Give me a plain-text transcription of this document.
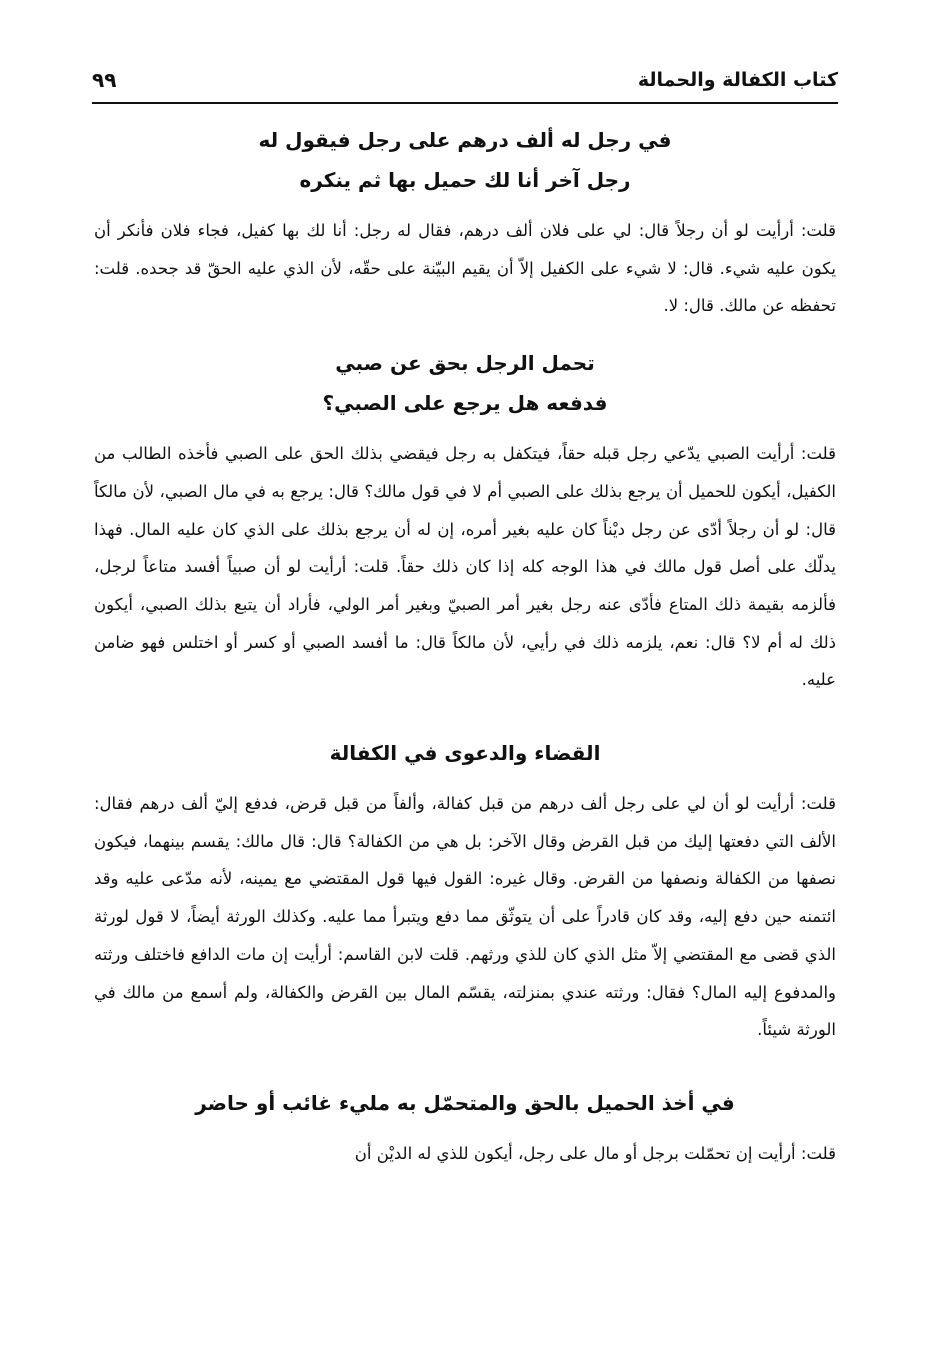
كتاب الكفالة والحمالة
٩٩
في رجل له ألف درهم على رجل فيقول له
رجل آخر أنا لك حميل بها ثم ينكره

قلت: أرأيت لو أن رجلاً قال: لي على فلان ألف درهم، فقال له رجل: أنا لك بها كفيل، فجاء فلان فأنكر أن يكون عليه شيء. قال: لا شيء على الكفيل إلاّ أن يقيم البيّنة على حقّه، لأن الذي عليه الحقّ قد جحده. قلت: تحفظه عن مالك. قال: لا.

تحمل الرجل بحق عن صبي
فدفعه هل يرجع على الصبي؟

قلت: أرأيت الصبي يدّعي رجل قبله حقاً، فيتكفل به رجل فيقضي بذلك الحق على الصبي فأخذه الطالب من الكفيل، أيكون للحميل أن يرجع بذلك على الصبي أم لا في قول مالك؟ قال: يرجع به في مال الصبي، لأن مالكاً قال: لو أن رجلاً أدّى عن رجل ديْناً كان عليه بغير أمره، إن له أن يرجع بذلك على الذي كان عليه المال. فهذا يدلّك على أصل قول مالك في هذا الوجه كله إذا كان ذلك حقاً. قلت: أرأيت لو أن صبياً أفسد متاعاً لرجل، فألزمه بقيمة ذلك المتاع فأدّى عنه رجل بغير أمر الصبيّ وبغير أمر الولي، فأراد أن يتبع بذلك الصبي، أيكون ذلك له أم لا؟ قال: نعم، يلزمه ذلك في رأيي، لأن مالكاً قال: ما أفسد الصبي أو كسر أو اختلس فهو ضامن عليه.

القضاء والدعوى في الكفالة

قلت: أرأيت لو أن لي على رجل ألف درهم من قبل كفالة، وألفاً من قبل قرض، فدفع إليّ ألف درهم فقال: الألف التي دفعتها إليك من قبل القرض وقال الآخر: بل هي من الكفالة؟ قال: قال مالك: يقسم بينهما، فيكون نصفها من الكفالة ونصفها من القرض. وقال غيره: القول فيها قول المقتضي مع يمينه، لأنه مدّعى عليه وقد ائتمنه حين دفع إليه، وقد كان قادراً على أن يتوثّق مما دفع ويتبرأ مما عليه. وكذلك الورثة أيضاً، لا قول لورثة الذي قضى مع المقتضي إلاّ مثل الذي كان للذي ورثهم. قلت لابن القاسم: أرأيت إن مات الدافع فاختلف ورثته والمدفوع إليه المال؟ فقال: ورثته عندي بمنزلته، يقسّم المال بين القرض والكفالة، ولم أسمع من مالك في الورثة شيئاً.

في أخذ الحميل بالحق والمتحمّل به مليء غائب أو حاضر

قلت: أرأيت إن تحمّلت برجل أو مال على رجل، أيكون للذي له الديْن أن
